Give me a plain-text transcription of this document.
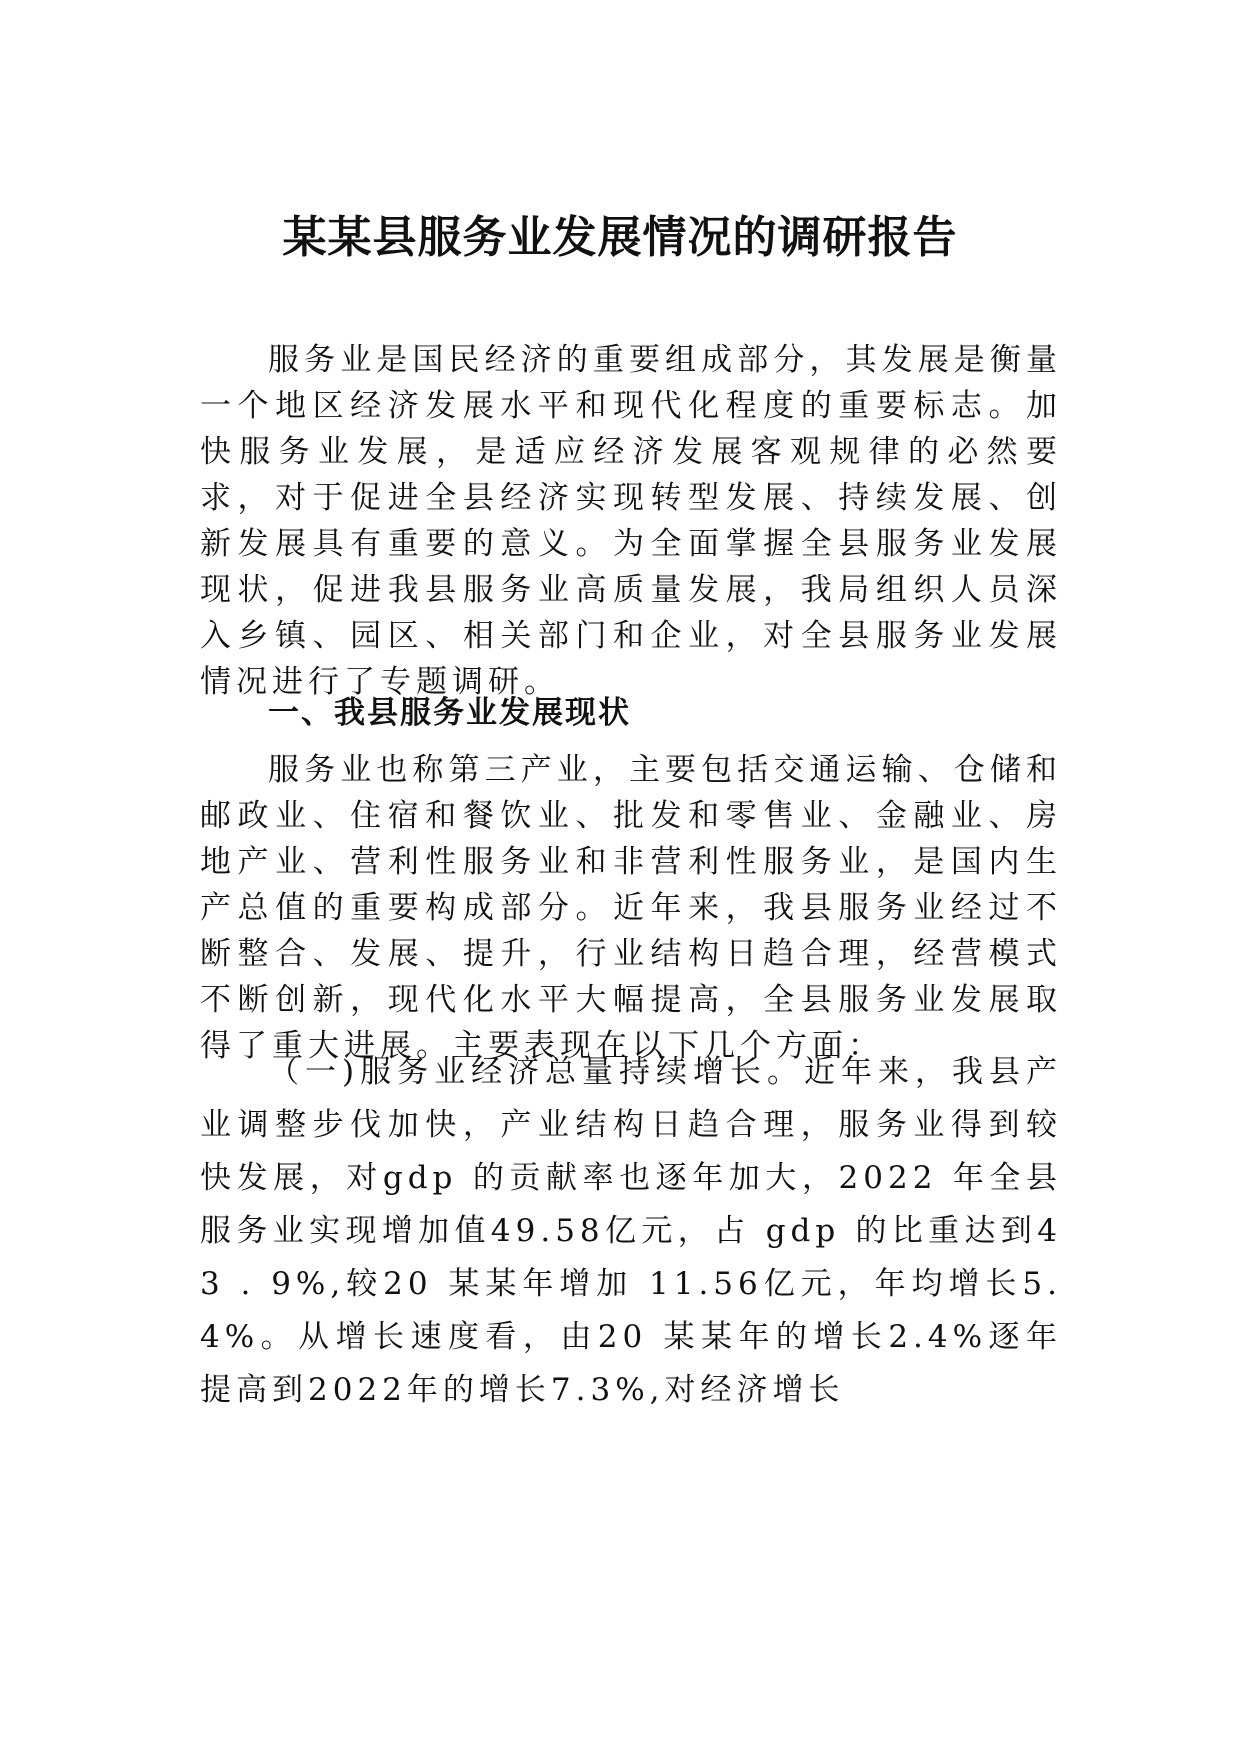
某某县服务业发展情况的调研报告

服务业是国民经济的重要组成部分，其发展是衡量一个地区经济发展水平和现代化程度的重要标志。加快服务业发展，是适应经济发展客观规律的必然要求，对于促进全县经济实现转型发展、持续发展、创新发展具有重要的意义。为全面掌握全县服务业发展现状，促进我县服务业高质量发展，我局组织人员深入乡镇、园区、相关部门和企业，对全县服务业发展情况进行了专题调研。

一、我县服务业发展现状

服务业也称第三产业，主要包括交通运输、仓储和邮政业、住宿和餐饮业、批发和零售业、金融业、房地产业、营利性服务业和非营利性服务业，是国内生产总值的重要构成部分。近年来，我县服务业经过不断整合、发展、提升，行业结构日趋合理，经营模式不断创新，现代化水平大幅提高，全县服务业发展取得了重大进展。主要表现在以下几个方面：

（一)服务业经济总量持续增长。近年来，我县产业调整步伐加快，产业结构日趋合理，服务业得到较快发展，对gdp 的贡献率也逐年加大，2022 年全县服务业实现增加值49.58亿元，占 gdp 的比重达到43 . 9%,较20 某某年增加 11.56亿元，年均增长5.4%。从增长速度看，由20 某某年的增长2.4%逐年提高到2022年的增长7.3%,对经济增长
